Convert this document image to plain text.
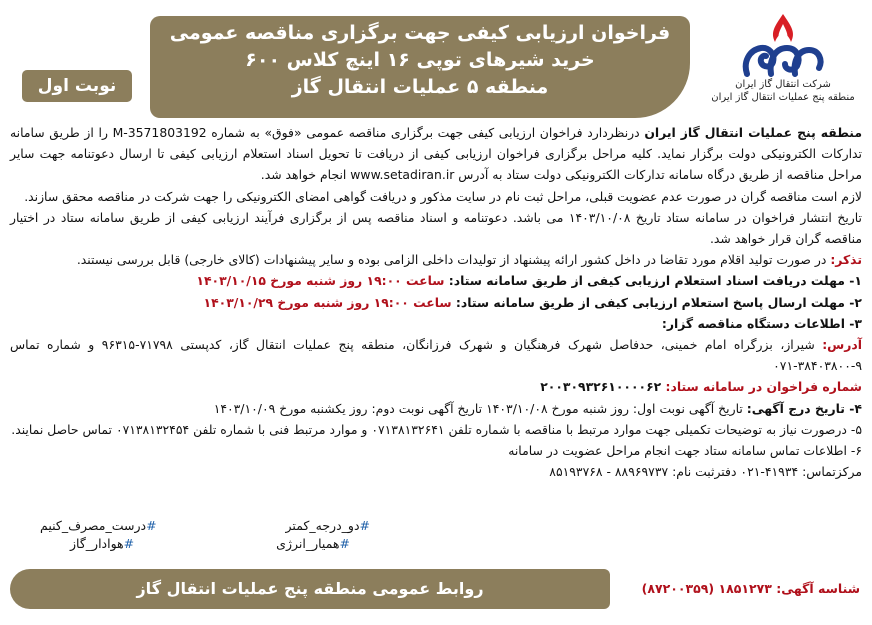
فراخوان ارزیابی کیفی جهت برگزاری مناقصه عمومی
خرید شیرهای توپی ۱۶ اینچ کلاس ۶۰۰
منطقه ۵ عملیات انتقال گاز	شرکت انتقال گاز ایران
منطقه پنج عملیات انتقال گاز ایران
نوبت اول

منطقه پنج عملیات انتقال گاز ایران درنظردارد فراخوان ارزیابی کیفی جهت برگزاری مناقصه عمومی «فوق» به شماره 3571803192-M را از طریق سامانه تدارکات الکترونیکی دولت برگزار نماید. کلیه مراحل برگزاری فراخوان ارزیابی کیفی از دریافت تا تحویل اسناد استعلام ارزیابی کیفی تا ارسال دعوتنامه جهت سایر مراحل مناقصه از طریق درگاه سامانه تدارکات الکترونیکی دولت ستاد به آدرس www.setadiran.ir انجام خواهد شد.

لازم است مناقصه گران در صورت عدم عضویت قبلی، مراحل ثبت نام در سایت مذکور و دریافت گواهی امضای الکترونیکی را جهت شرکت در مناقصه محقق سازند.

تاریخ انتشار فراخوان در سامانه ستاد تاریخ ۱۴۰۳/۱۰/۰۸ می باشد. دعوتنامه و اسناد مناقصه پس از برگزاری فرآیند ارزیابی کیفی از طریق سامانه ستاد در اختیار مناقصه گران قرار خواهد شد.

تذکر: در صورت تولید اقلام مورد تقاضا در داخل کشور ارائه پیشنهاد از تولیدات داخلی الزامی بوده و سایر پیشنهادات (کالای خارجی) قابل بررسی نیستند.

۱- مهلت دریافت اسناد استعلام ارزیابی کیفی از طریق سامانه ستاد: ساعت ۱۹:۰۰ روز شنبه مورخ ۱۴۰۳/۱۰/۱۵

۲- مهلت ارسال پاسخ استعلام ارزیابی کیفی از طریق سامانه ستاد: ساعت ۱۹:۰۰ روز شنبه مورخ ۱۴۰۳/۱۰/۲۹

۳- اطلاعات دستگاه مناقصه گزار:

آدرس: شیراز، بزرگراه امام خمینی، حدفاصل شهرک فرهنگیان و شهرک فرزانگان، منطقه پنج عملیات انتقال گاز، کدپستی ۷۱۷۹۸-۹۶۳۱۵ و شماره تماس ۹-۳۸۴۰۳۸۰۰-۰۷۱

شماره فراخوان در سامانه ستاد: ۲۰۰۳۰۹۳۲۶۱۰۰۰۰۶۲

۴- تاریخ درج آگهی: تاریخ آگهی نوبت اول: روز شنبه مورخ ۱۴۰۳/۱۰/۰۸ تاریخ آگهی نوبت دوم: روز یکشنبه مورخ ۱۴۰۳/۱۰/۰۹

۵- درصورت نیاز به توضیحات تکمیلی جهت موارد مرتبط با مناقصه با شماره تلفن ۰۷۱۳۸۱۳۲۶۴۱ و موارد مرتبط فنی با شماره تلفن ۰۷۱۳۸۱۳۲۴۵۴ تماس حاصل نمایند.

۶- اطلاعات تماس سامانه ستاد جهت انجام مراحل عضویت در سامانه

مرکزتماس: ۴۱۹۳۴-۰۲۱ دفترثبت نام: ۸۸۹۶۹۷۳۷ - ۸۵۱۹۳۷۶۸

#دو_درجه_کمتر
#درست_مصرف_کنیم
#همیار_انرژی
#هوادار_گاز
شناسه آگهی: ۱۸۵۱۲۷۳ (۸۷۲۰۰۳۵۹)
روابط عمومی منطقه پنج عملیات انتقال گاز
